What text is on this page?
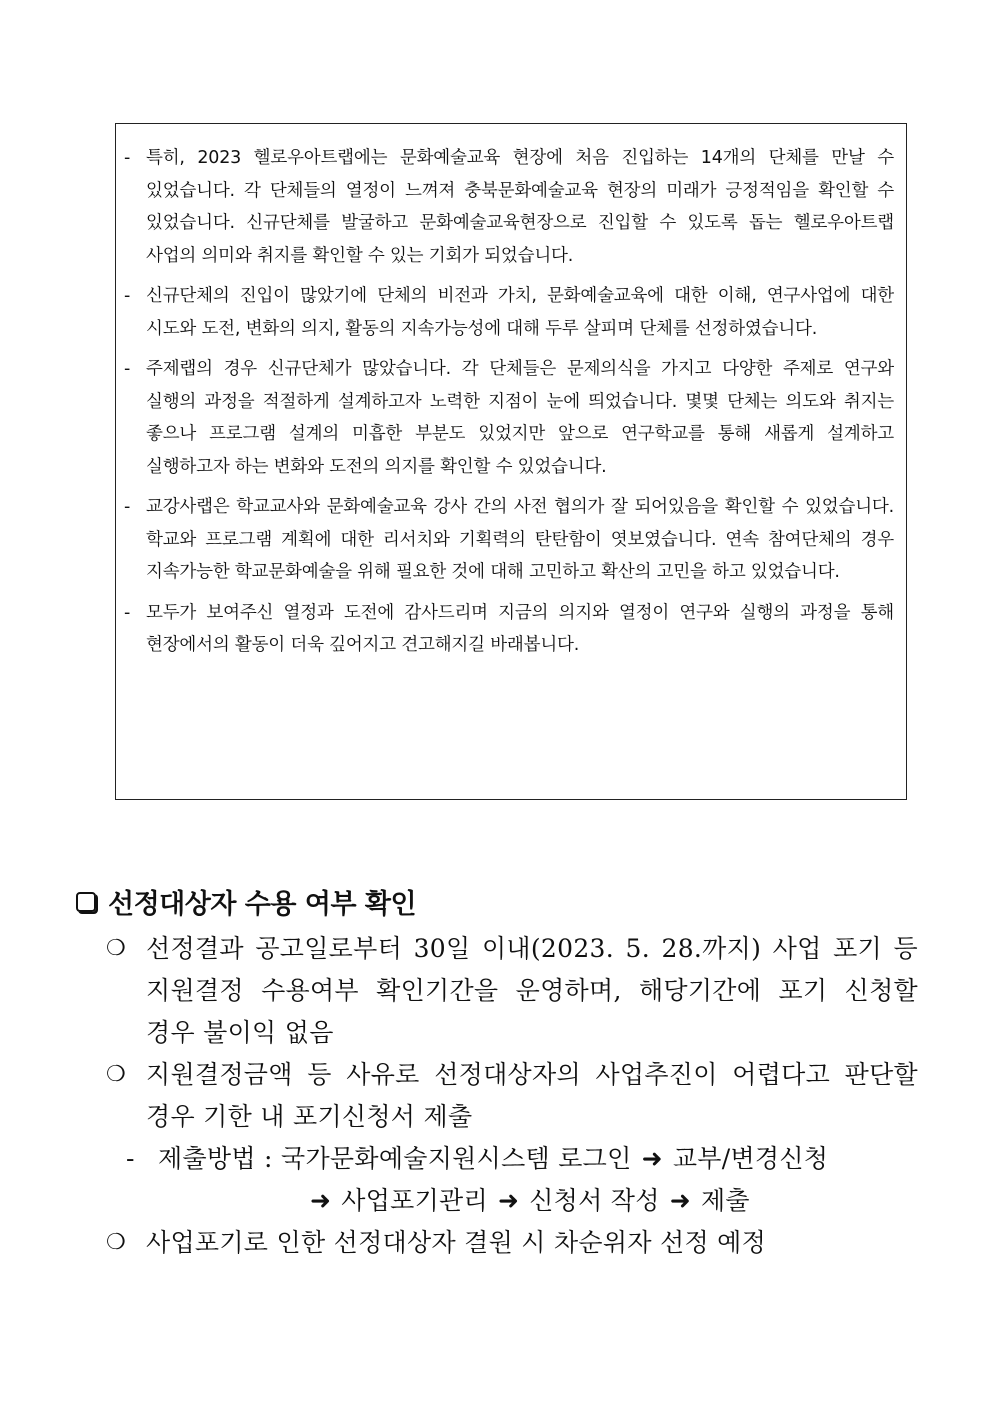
- 특히, 2023 헬로우아트랩에는 문화예술교육 현장에 처음 진입하는 14개의 단체를 만날 수 있었습니다. 각 단체들의 열정이 느껴져 충북문화예술교육 현장의 미래가 긍정적임을 확인할 수 있었습니다. 신규단체를 발굴하고 문화예술교육현장으로 진입할 수 있도록 돕는 헬로우아트랩 사업의 의미와 취지를 확인할 수 있는 기회가 되었습니다.
- 신규단체의 진입이 많았기에 단체의 비전과 가치, 문화예술교육에 대한 이해, 연구사업에 대한 시도와 도전, 변화의 의지, 활동의 지속가능성에 대해 두루 살피며 단체를 선정하였습니다.
- 주제랩의 경우 신규단체가 많았습니다. 각 단체들은 문제의식을 가지고 다양한 주제로 연구와 실행의 과정을 적절하게 설계하고자 노력한 지점이 눈에 띄었습니다. 몇몇 단체는 의도와 취지는 좋으나 프로그램 설계의 미흡한 부분도 있었지만 앞으로 연구학교를 통해 새롭게 설계하고 실행하고자 하는 변화와 도전의 의지를 확인할 수 있었습니다.
- 교강사랩은 학교교사와 문화예술교육 강사 간의 사전 협의가 잘 되어있음을 확인할 수 있었습니다. 학교와 프로그램 계획에 대한 리서치와 기획력의 탄탄함이 엿보였습니다. 연속 참여단체의 경우 지속가능한 학교문화예술을 위해 필요한 것에 대해 고민하고 확산의 고민을 하고 있었습니다.
- 모두가 보여주신 열정과 도전에 감사드리며 지금의 의지와 열정이 연구와 실행의 과정을 통해 현장에서의 활동이 더욱 깊어지고 견고해지길 바래봅니다.
선정대상자 수용 여부 확인
❍ 선정결과 공고일로부터 30일 이내(2023. 5. 28.까지) 사업 포기 등 지원결정 수용여부 확인기간을 운영하며, 해당기간에 포기 신청할 경우 불이익 없음
❍ 지원결정금액 등 사유로 선정대상자의 사업추진이 어렵다고 판단할 경우 기한 내 포기신청서 제출
- 제출방법 : 국가문화예술지원시스템 로그인 ➜ 교부/변경신청
➜ 사업포기관리 ➜ 신청서 작성 ➜ 제출
❍ 사업포기로 인한 선정대상자 결원 시 차순위자 선정 예정
